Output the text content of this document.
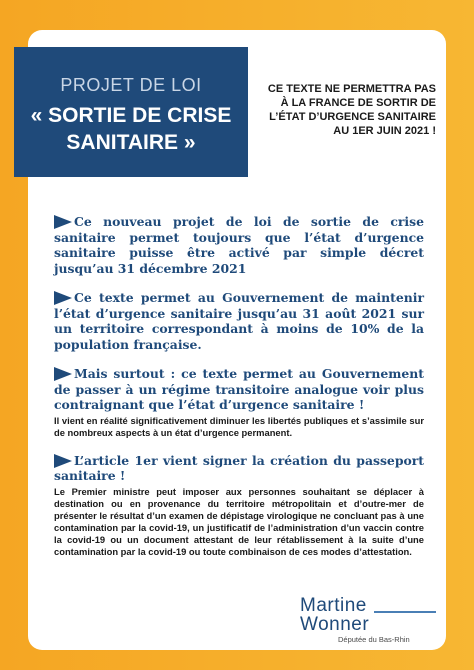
PROJET DE LOI
« SORTIE DE CRISE
SANITAIRE »
CE TEXTE NE PERMETTRA PAS
À LA FRANCE DE SORTIR DE
L’ÉTAT D’URGENCE SANITAIRE
AU 1ER JUIN 2021 !

Ce nouveau projet de loi de sortie de crise sanitaire permet toujours que l’état d’urgence sanitaire puisse être activé par simple décret jusqu’au 31 décembre 2021

Ce texte permet au Gouvernement de maintenir l’état d’urgence sanitaire jusqu’au 31 août 2021 sur un territoire correspondant à moins de 10% de la population française.

Mais surtout : ce texte permet au Gouvernement de passer à un régime transitoire analogue voir plus contraignant que l’état d’urgence sanitaire !

Il vient en réalité significativement diminuer les libertés publiques et s’assimile sur de nombreux aspects à un état d’urgence permanent.

L’article 1er vient signer la création du passeport sanitaire !

Le Premier ministre peut imposer aux personnes souhaitant se déplacer à destination ou en provenance du territoire métropolitain et d’outre-mer de présenter le résultat d’un examen de dépistage virologique ne concluant pas à une contamination par la covid-19, un justificatif de l’administration d’un vaccin contre la covid-19 ou un document attestant de leur rétablissement à la suite d’une contamination par la covid-19 ou toute combinaison de ces modes d’attestation.

Martine
Wonner
Députée du Bas-Rhin
